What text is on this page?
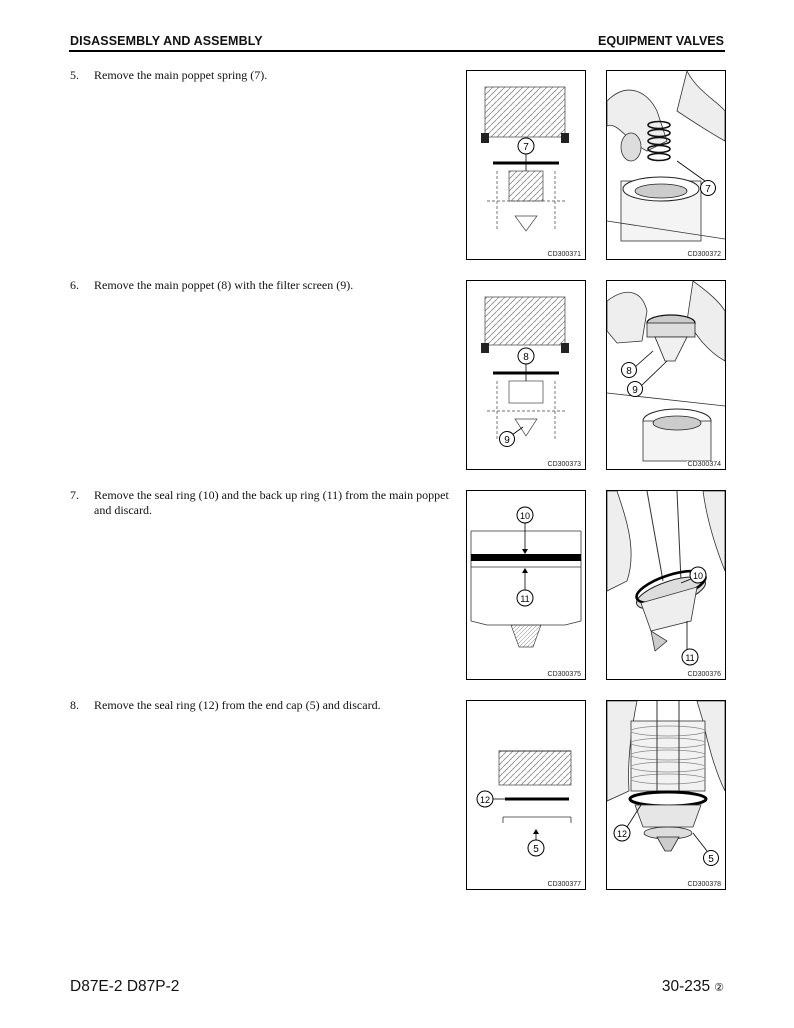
DISASSEMBLY AND ASSEMBLY	EQUIPMENT VALVES
5. Remove the main poppet spring (7).
7
CD300371
7
CD300372
6. Remove the main poppet (8) with the filter screen (9).
8
9
CD300373
8
9
CD300374
7. Remove the seal ring (10) and the back up ring (11) from the main poppet and discard.	10
11
CD300375
10
11
CD300376
8. Remove the seal ring (12) from the end cap (5) and discard.
12
5
CD300377
12
5
CD300378
D87E-2 D87P-2	30-235 ②
